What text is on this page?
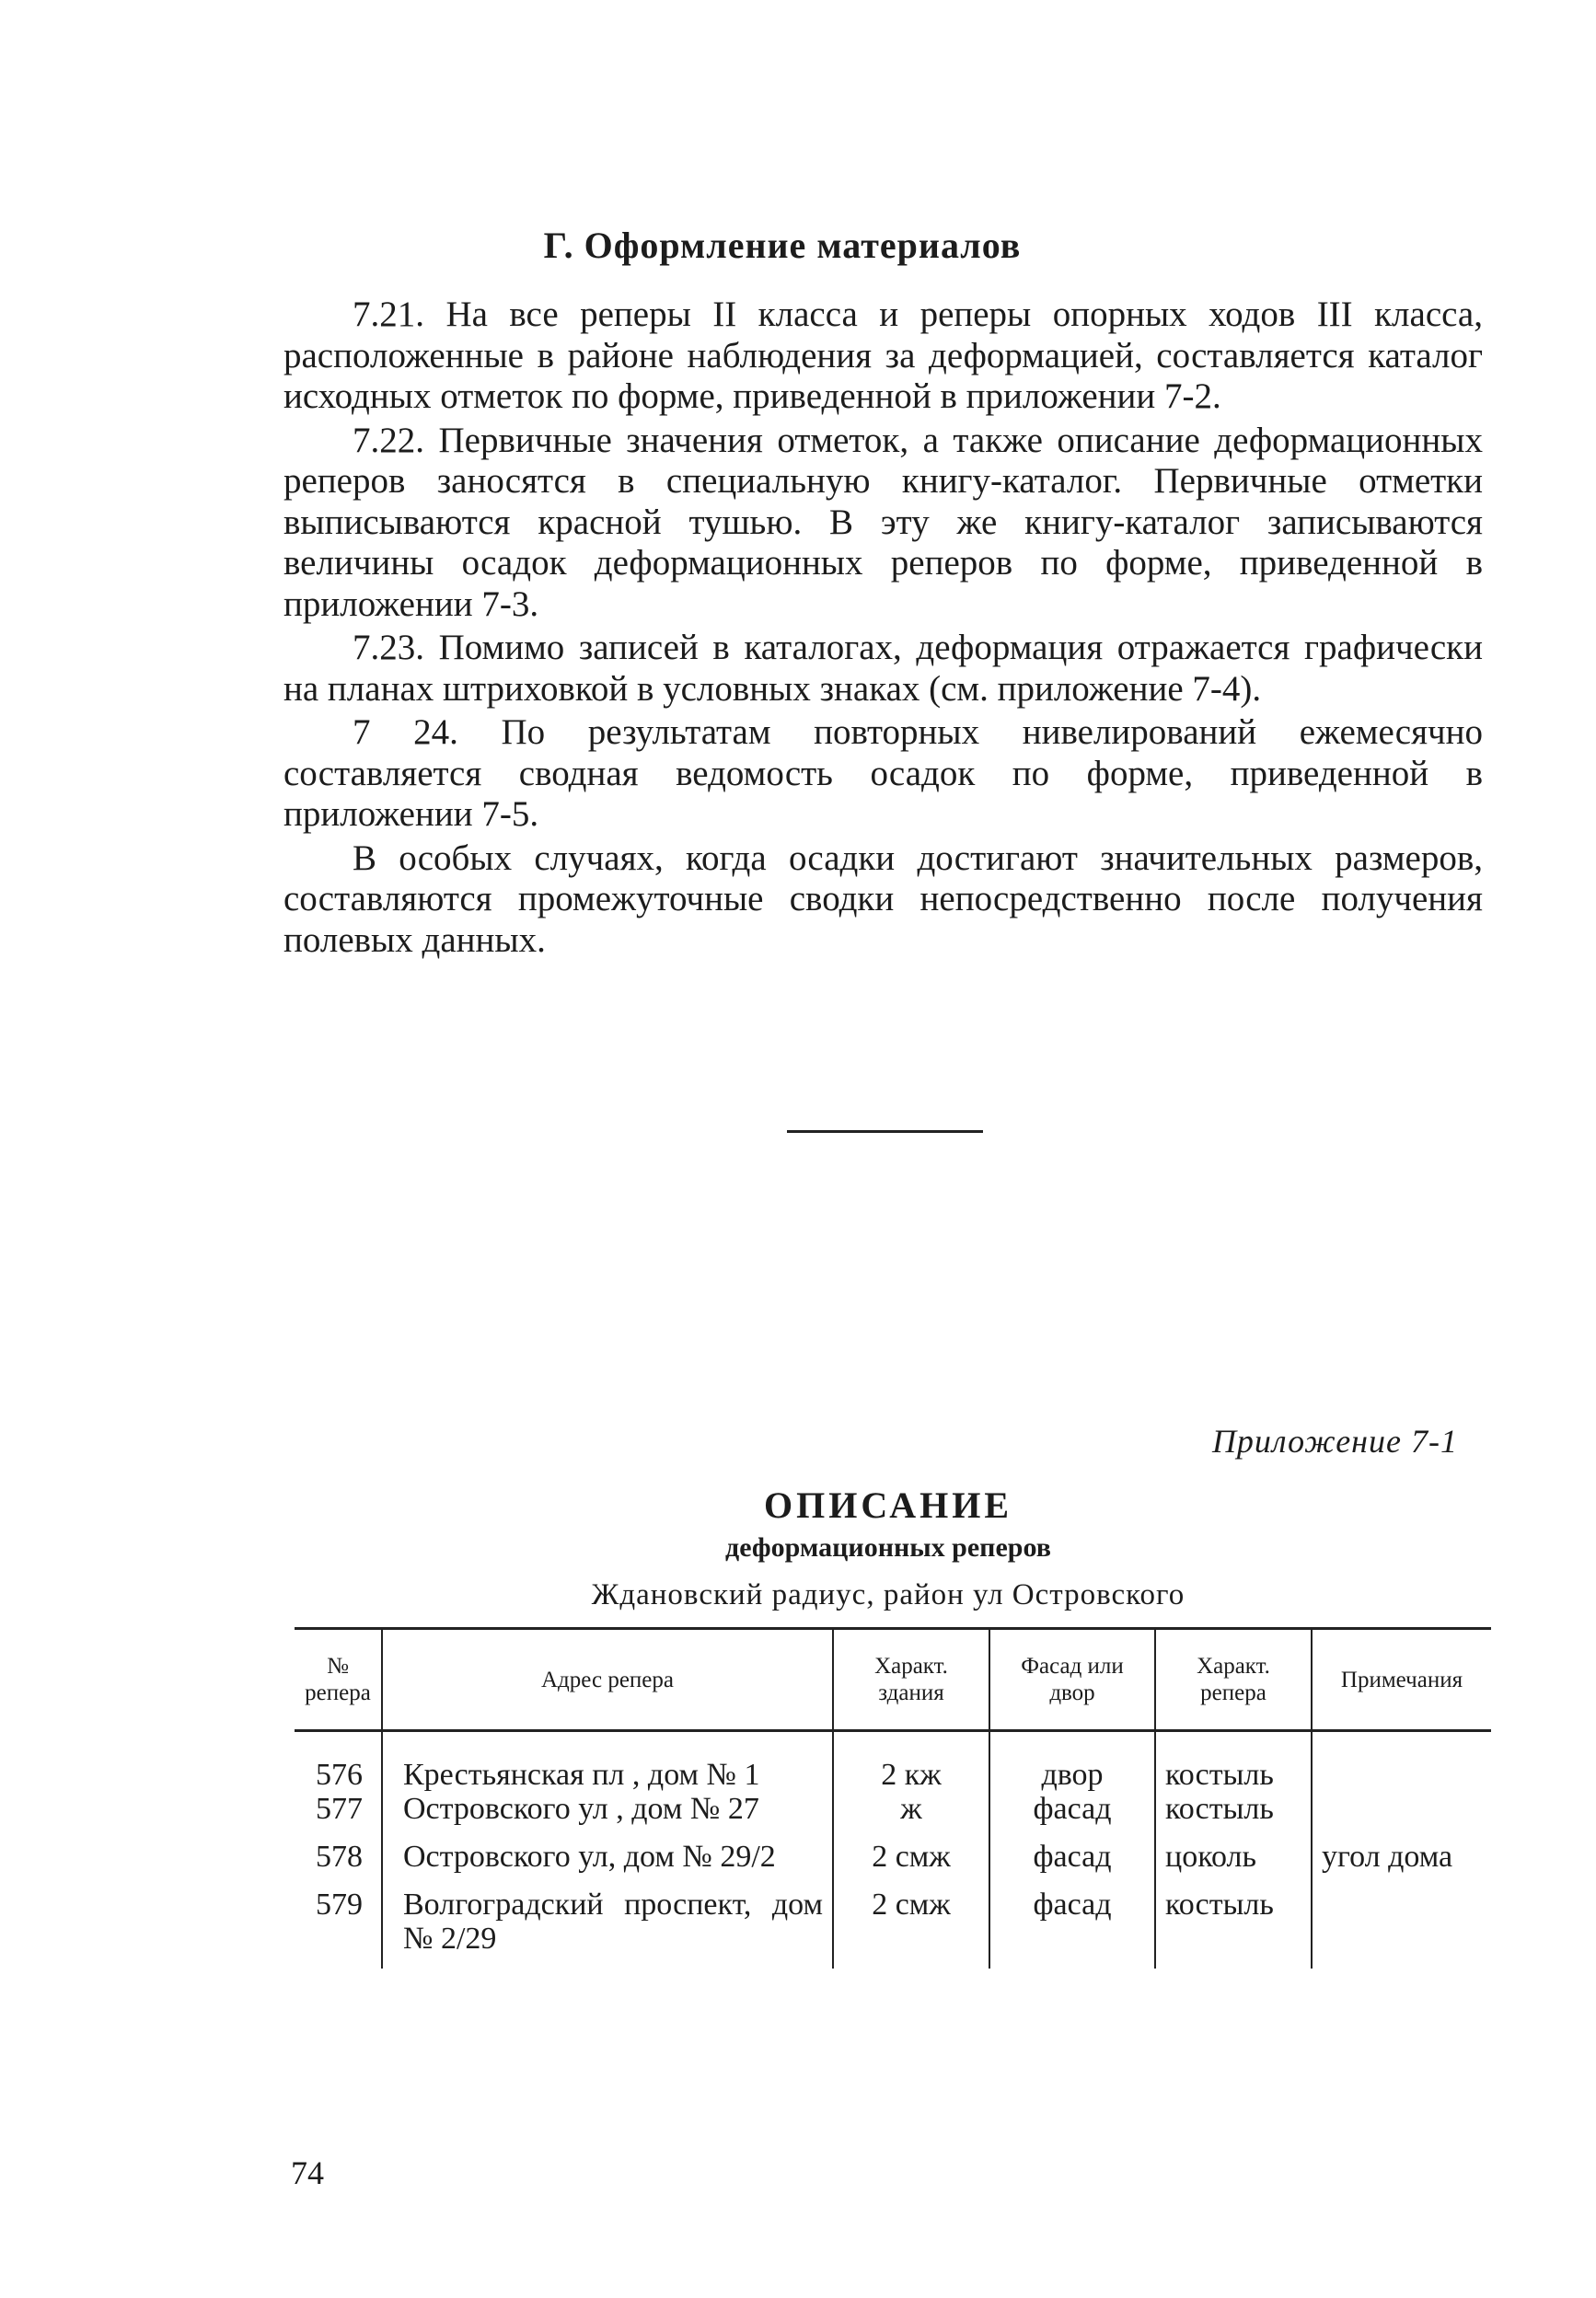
Г. Оформление материалов

7.21. На все реперы II класса и реперы опорных ходов III класса, расположенные в районе наблюдения за деформацией, составляется каталог исходных отметок по форме, приведенной в приложении 7-2.

7.22. Первичные значения отметок, а также описание деформационных реперов заносятся в специальную книгу-каталог. Первичные отметки выписываются красной тушью. В эту же книгу-каталог записываются величины осадок деформационных реперов по форме, приведенной в приложении 7-3.

7.23. Помимо записей в каталогах, деформация отражается графически на планах штриховкой в условных знаках (см. приложение 7-4).

7 24. По результатам повторных нивелирований ежемесячно составляется сводная ведомость осадок по форме, приведенной в приложении 7-5.

В особых случаях, когда осадки достигают значительных размеров, составляются промежуточные сводки непосредственно после получения полевых данных.

Приложение 7-1
ОПИСАНИЕ
деформационных реперов
Ждановский радиус, район ул Островского
№ репера	Адрес репера	Характ. здания	Фасад или двор	Характ. репера	Примечания
576	Крестьянская пл , дом № 1	2 кж	двор	костыль	
577	Островского ул , дом № 27	ж	фасад	костыль	
578	Островского ул, дом № 29/2	2 смж	фасад	цоколь	угол дома
579	Волгоградский проспект, дом № 2/29	2 смж	фасад	костыль	
74
